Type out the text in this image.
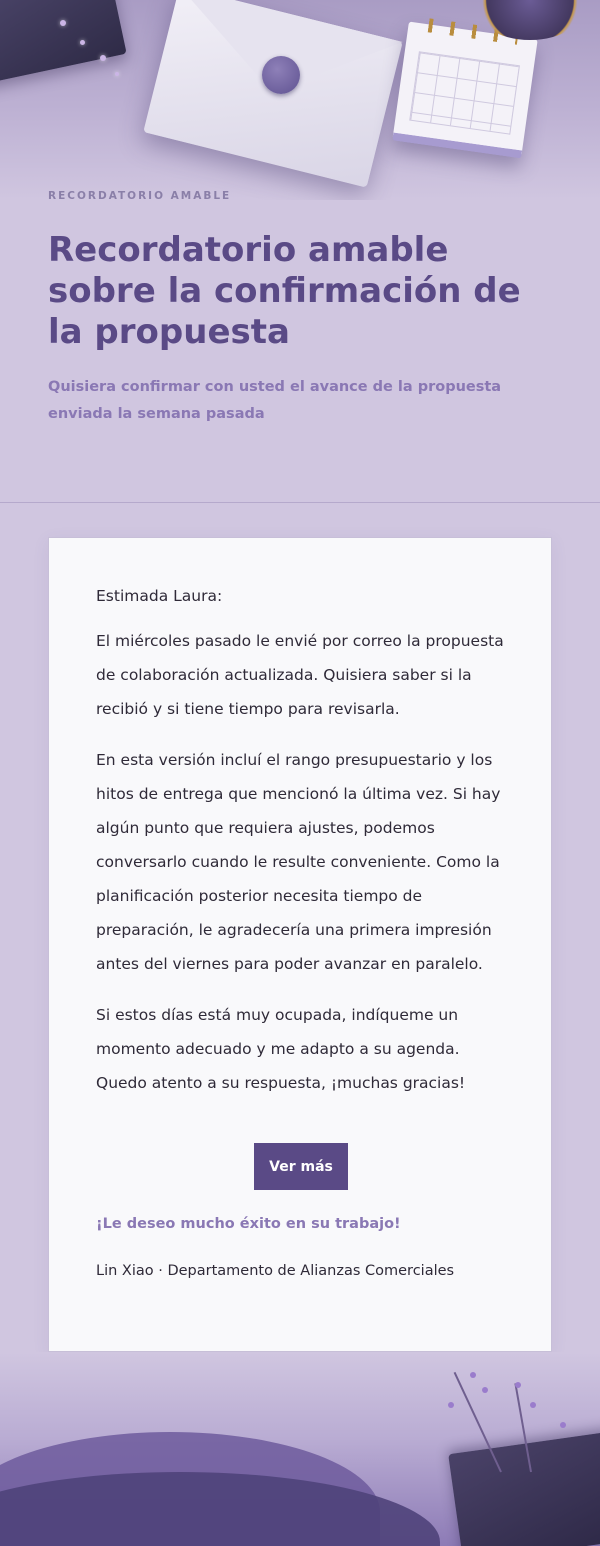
RECORDATORIO AMABLE
Recordatorio amable sobre la confirmación de la propuesta
Quisiera confirmar con usted el avance de la propuesta enviada la semana pasada

Estimada Laura:

El miércoles pasado le envié por correo la propuesta de colaboración actualizada. Quisiera saber si la recibió y si tiene tiempo para revisarla.

En esta versión incluí el rango presupuestario y los hitos de entrega que mencionó la última vez. Si hay algún punto que requiera ajustes, podemos conversarlo cuando le resulte conveniente. Como la planificación posterior necesita tiempo de preparación, le agradecería una primera impresión antes del viernes para poder avanzar en paralelo.

Si estos días está muy ocupada, indíqueme un momento adecuado y me adapto a su agenda. Quedo atento a su respuesta, ¡muchas gracias!

Ver más
¡Le deseo mucho éxito en su trabajo!
Lin Xiao · Departamento de Alianzas Comerciales
